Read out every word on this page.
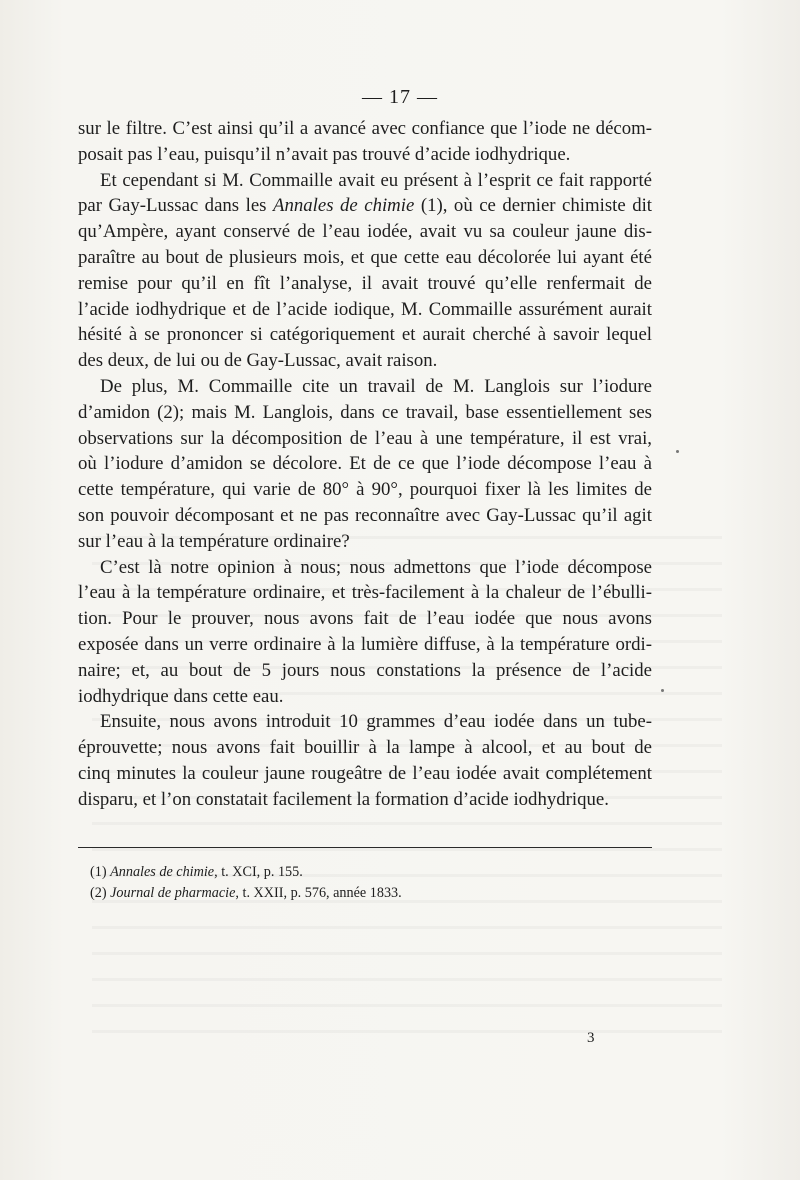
— 17 —
sur le filtre. C’est ainsi qu’il a avancé avec confiance que l’iode ne décom-
posait pas l’eau, puisqu’il n’avait pas trouvé d’acide iodhydrique.
Et cependant si M. Commaille avait eu présent à l’esprit ce fait rapporté
par Gay-Lussac dans les Annales de chimie (1), où ce dernier chimiste dit
qu’Ampère, ayant conservé de l’eau iodée, avait vu sa couleur jaune dis-
paraître au bout de plusieurs mois, et que cette eau décolorée lui ayant été
remise pour qu’il en fît l’analyse, il avait trouvé qu’elle renfermait de
l’acide iodhydrique et de l’acide iodique, M. Commaille assurément aurait
hésité à se prononcer si catégoriquement et aurait cherché à savoir lequel
des deux, de lui ou de Gay-Lussac, avait raison.
De plus, M. Commaille cite un travail de M. Langlois sur l’iodure
d’amidon (2); mais M. Langlois, dans ce travail, base essentiellement ses
observations sur la décomposition de l’eau à une température, il est vrai,
où l’iodure d’amidon se décolore. Et de ce que l’iode décompose l’eau à
cette température, qui varie de 80° à 90°, pourquoi fixer là les limites de
son pouvoir décomposant et ne pas reconnaître avec Gay-Lussac qu’il agit
sur l’eau à la température ordinaire?
C’est là notre opinion à nous; nous admettons que l’iode décompose
l’eau à la température ordinaire, et très-facilement à la chaleur de l’ébulli-
tion. Pour le prouver, nous avons fait de l’eau iodée que nous avons
exposée dans un verre ordinaire à la lumière diffuse, à la température ordi-
naire; et, au bout de 5 jours nous constations la présence de l’acide
iodhydrique dans cette eau.
Ensuite, nous avons introduit 10 grammes d’eau iodée dans un tube-
éprouvette; nous avons fait bouillir à la lampe à alcool, et au bout de
cinq minutes la couleur jaune rougeâtre de l’eau iodée avait complétement
disparu, et l’on constatait facilement la formation d’acide iodhydrique.
(1) Annales de chimie, t. XCI, p. 155.
(2) Journal de pharmacie, t. XXII, p. 576, année 1833.
3
